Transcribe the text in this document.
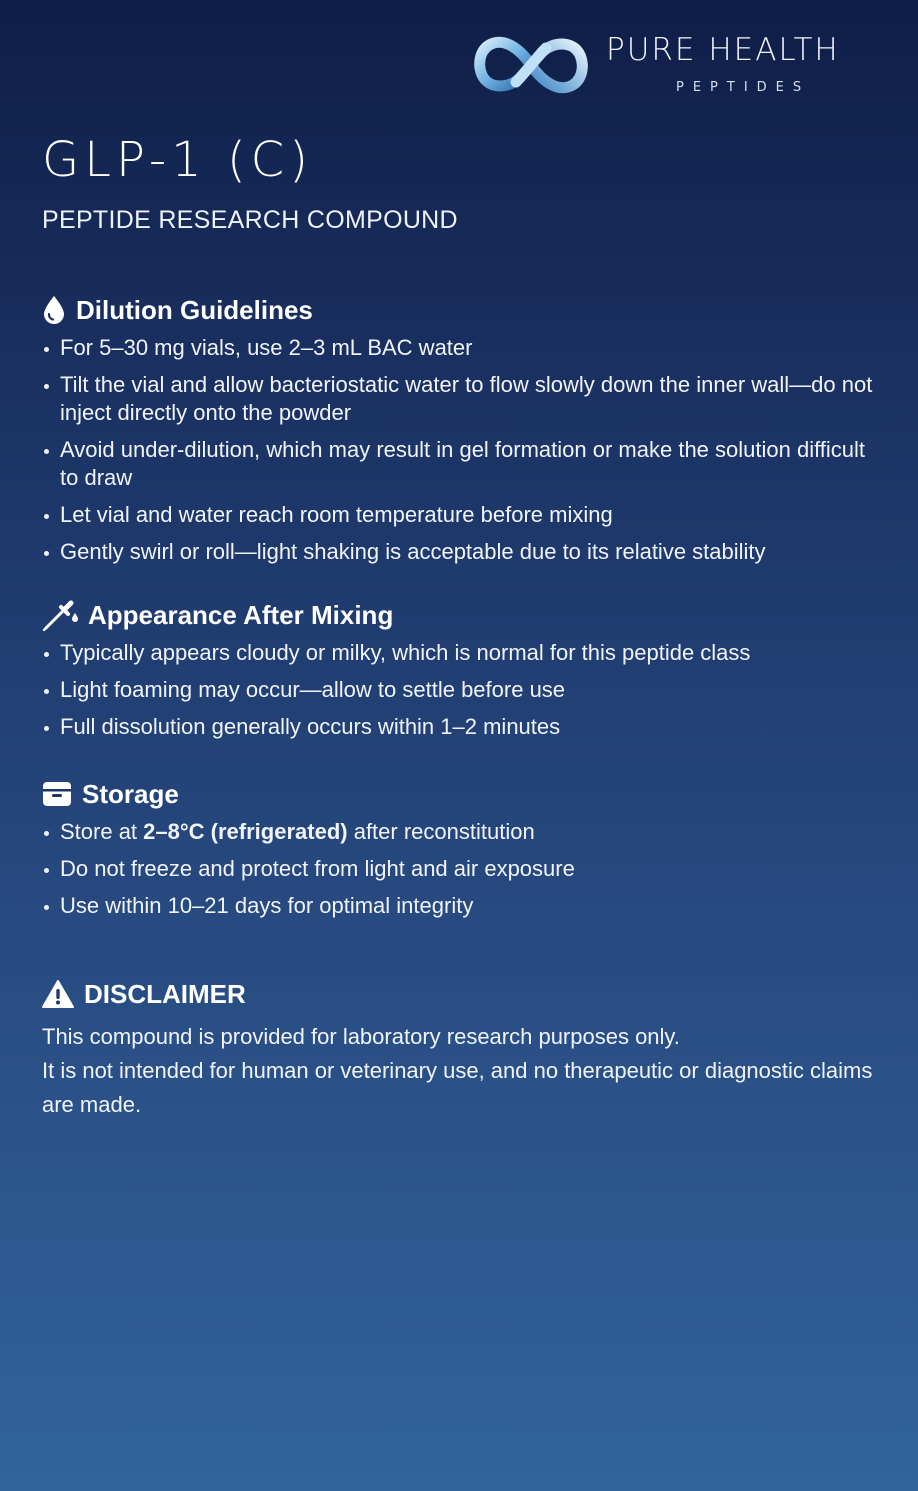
PURE HEALTH
PEPTIDES
GLP-1 (C)
PEPTIDE RESEARCH COMPOUND
Dilution Guidelines
For 5–30 mg vials, use 2–3 mL BAC water
Tilt the vial and allow bacteriostatic water to flow slowly down the inner wall—do not inject directly onto the powder
Avoid under-dilution, which may result in gel formation or make the solution difficult to draw
Let vial and water reach room temperature before mixing
Gently swirl or roll—light shaking is acceptable due to its relative stability
Appearance After Mixing
Typically appears cloudy or milky, which is normal for this peptide class
Light foaming may occur—allow to settle before use
Full dissolution generally occurs within 1–2 minutes
Storage
Store at 2–8°C (refrigerated) after reconstitution
Do not freeze and protect from light and air exposure
Use within 10–21 days for optimal integrity
DISCLAIMER

This compound is provided for laboratory research purposes only.

It is not intended for human or veterinary use, and no therapeutic or diagnostic claims are made.
